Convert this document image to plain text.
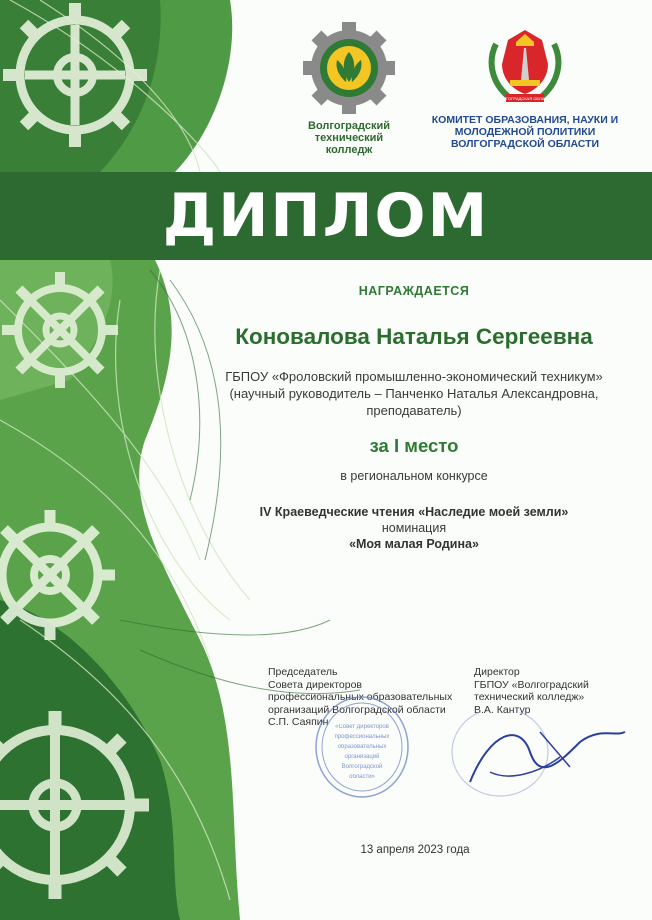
Волгоградский технический колледж
ВОЛГОГРАДСКАЯ ОБЛАСТЬ
КОМИТЕТ ОБРАЗОВАНИЯ, НАУКИ И МОЛОДЕЖНОЙ ПОЛИТИКИ ВОЛГОГРАДСКОЙ ОБЛАСТИ
ДИПЛОМ
НАГРАЖДАЕТСЯ
Коновалова Наталья Сергеевна
ГБПОУ «Фроловский промышленно-экономический техникум»
(научный руководитель – Панченко Наталья Александровна, преподаватель)
за I место
в региональном конкурсе
IV Краеведческие чтения «Наследие моей земли»
номинация
«Моя малая Родина»
Председатель
Совета директоров
профессиональных образовательных
организаций Волгоградской области
С.П. Саяпин
Директор
ГБПОУ «Волгоградский
технический колледж»
В.А. Кантур
«Совет директоров
профессиональных
образовательных
организаций
Волгоградской
области»
13 апреля 2023 года
